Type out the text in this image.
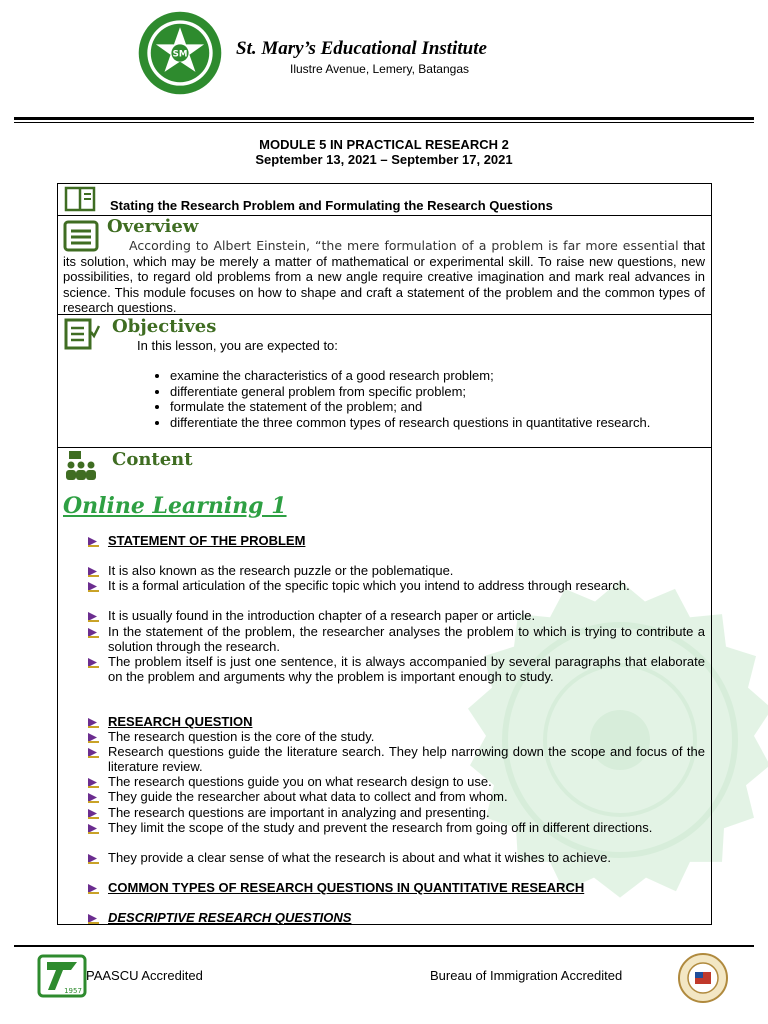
SM	St. Mary’s Educational Institute
Ilustre Avenue, Lemery, Batangas
MODULE 5 IN PRACTICAL RESEARCH 2
September 13, 2021 – September 17, 2021
Stating the Research Problem and Formulating the Research Questions
Overview
According to Albert Einstein, “the mere formulation of a problem is far more essential that its solution, which may be merely a matter of mathematical or experimental skill. To raise new questions, new possibilities, to regard old problems from a new angle require creative imagination and mark real advances in science. This module focuses on how to shape and craft a statement of the problem and the common types of research questions.
Objectives
In this lesson, you are expected to:
• examine the characteristics of a good research problem;
• differentiate general problem from specific problem;
• formulate the statement of the problem; and
• differentiate the three common types of research questions in quantitative research.
Content
Online Learning 1
STATEMENT OF THE PROBLEM
It is also known as the research puzzle or the poblematique.
It is a formal articulation of the specific topic which you intend to address through research.
It is usually found in the introduction chapter of a research paper or article.
In the statement of the problem, the researcher analyses the problem to which is trying to contribute a solution through the research.
The problem itself is just one sentence, it is always accompanied by several paragraphs that elaborate on the problem and arguments why the problem is important enough to study.
RESEARCH QUESTION
The research question is the core of the study.
Research questions guide the literature search. They help narrowing down the scope and focus of the literature review.
The research questions guide you on what research design to use.
They guide the researcher about what data to collect and from whom.
The research questions are important in analyzing and presenting.
They limit the scope of the study and prevent the research from going off in different directions.
They provide a clear sense of what the research is about and what it wishes to achieve.
COMMON TYPES OF RESEARCH QUESTIONS IN QUANTITATIVE RESEARCH
DESCRIPTIVE RESEARCH QUESTIONS
1957
PAASCU Accredited	Bureau of Immigration Accredited
